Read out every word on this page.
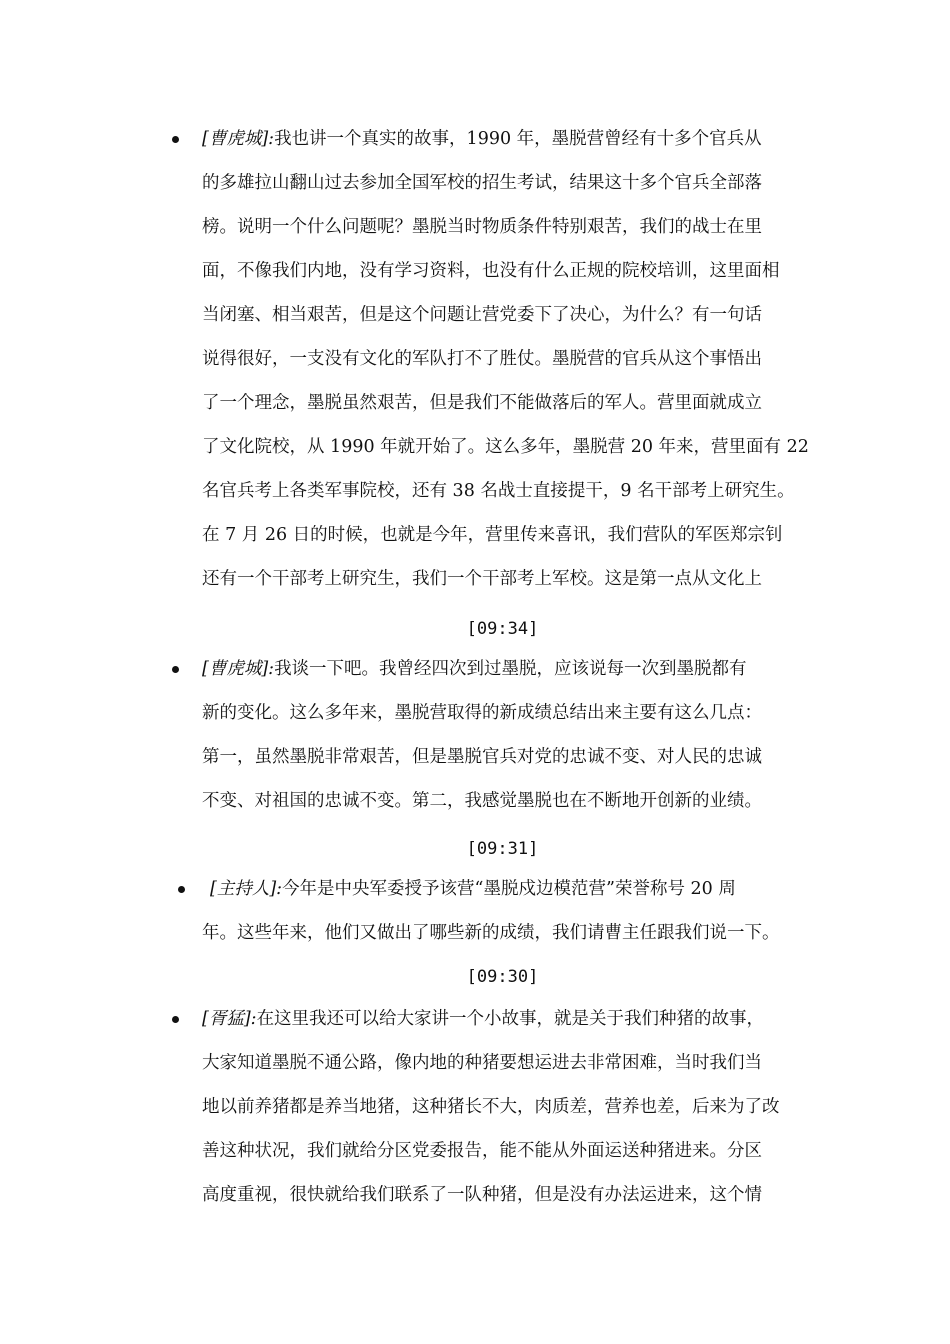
[曹虎城]:我也讲一个真实的故事，1990 年，墨脱营曾经有十多个官兵从
的多雄拉山翻山过去参加全国军校的招生考试，结果这十多个官兵全部落
榜。说明一个什么问题呢？墨脱当时物质条件特别艰苦，我们的战士在里
面，不像我们内地，没有学习资料，也没有什么正规的院校培训，这里面相
当闭塞、相当艰苦，但是这个问题让营党委下了决心，为什么？有一句话
说得很好，一支没有文化的军队打不了胜仗。墨脱营的官兵从这个事悟出
了一个理念，墨脱虽然艰苦，但是我们不能做落后的军人。营里面就成立
了文化院校，从 1990 年就开始了。这么多年，墨脱营 20 年来，营里面有 22
名官兵考上各类军事院校，还有 38 名战士直接提干，9 名干部考上研究生。
在 7 月 26 日的时候，也就是今年，营里传来喜讯，我们营队的军医郑宗钊
还有一个干部考上研究生，我们一个干部考上军校。这是第一点从文化上
[09:34]
[曹虎城]:我谈一下吧。我曾经四次到过墨脱，应该说每一次到墨脱都有
新的变化。这么多年来，墨脱营取得的新成绩总结出来主要有这么几点：
第一，虽然墨脱非常艰苦，但是墨脱官兵对党的忠诚不变、对人民的忠诚
不变、对祖国的忠诚不变。第二，我感觉墨脱也在不断地开创新的业绩。
[09:31]
[主持人]:今年是中央军委授予该营“墨脱戍边模范营”荣誉称号 20 周
年。这些年来，他们又做出了哪些新的成绩，我们请曹主任跟我们说一下。
[09:30]
[胥猛]:在这里我还可以给大家讲一个小故事，就是关于我们种猪的故事，
大家知道墨脱不通公路，像内地的种猪要想运进去非常困难，当时我们当
地以前养猪都是养当地猪，这种猪长不大，肉质差，营养也差，后来为了改
善这种状况，我们就给分区党委报告，能不能从外面运送种猪进来。分区
高度重视，很快就给我们联系了一队种猪，但是没有办法运进来，这个情
